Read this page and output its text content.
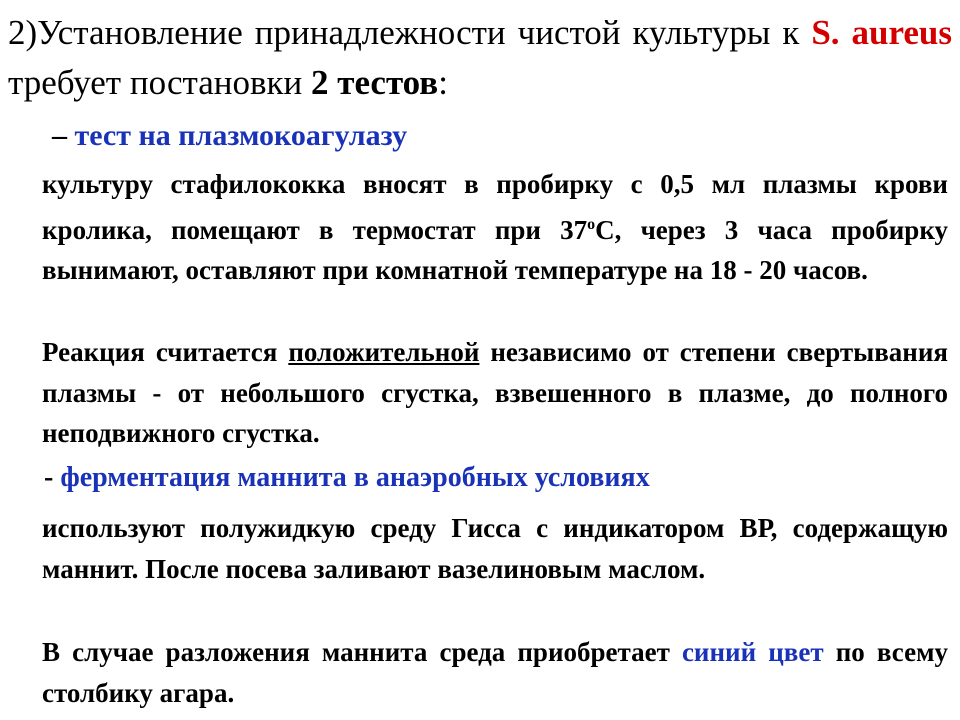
2)Установление принадлежности чистой культуры к S. aureus требует постановки 2 тестов:
– тест на плазмокоагулазу
культуру стафилококка вносят в пробирку с 0,5 мл плазмы крови кролика, помещают в термостат при $37^оС$, через 3 часа пробирку вынимают, оставляют при комнатной температуре на 18 - 20 часов.
Реакция считается положительной независимо от степени свертывания плазмы - от небольшого сгустка, взвешенного в плазме, до полного неподвижного сгустка.
- ферментация маннита в анаэробных условиях
используют полужидкую среду Гисса с индикатором ВР, содержащую маннит. После посева заливают вазелиновым маслом.
В случае разложения маннита среда приобретает синий цвет по всему столбику агара.
